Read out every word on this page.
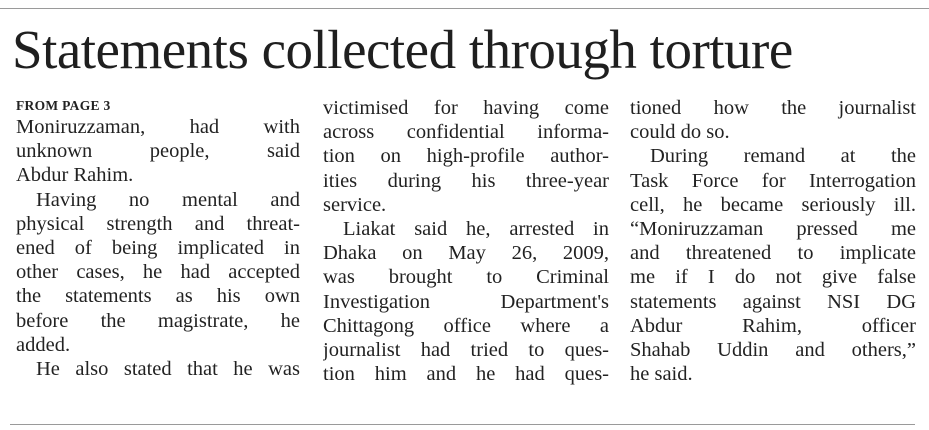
Statements collected through torture
FROM PAGE 3
Moniruzzaman, had with
unknown people, said
Abdur Rahim.
Having no mental and
physical strength and threat-
ened of being implicated in
other cases, he had accepted
the statements as his own
before the magistrate, he
added.
He also stated that he was
victimised for having come
across confidential informa-
tion on high-profile author-
ities during his three-year
service.
Liakat said he, arrested in
Dhaka on May 26, 2009,
was brought to Criminal
Investigation Department's
Chittagong office where a
journalist had tried to ques-
tion him and he had ques-
tioned how the journalist
could do so.
During remand at the
Task Force for Interrogation
cell, he became seriously ill.
“Moniruzzaman pressed me
and threatened to implicate
me if I do not give false
statements against NSI DG
Abdur Rahim, officer
Shahab Uddin and others,”
he said.
